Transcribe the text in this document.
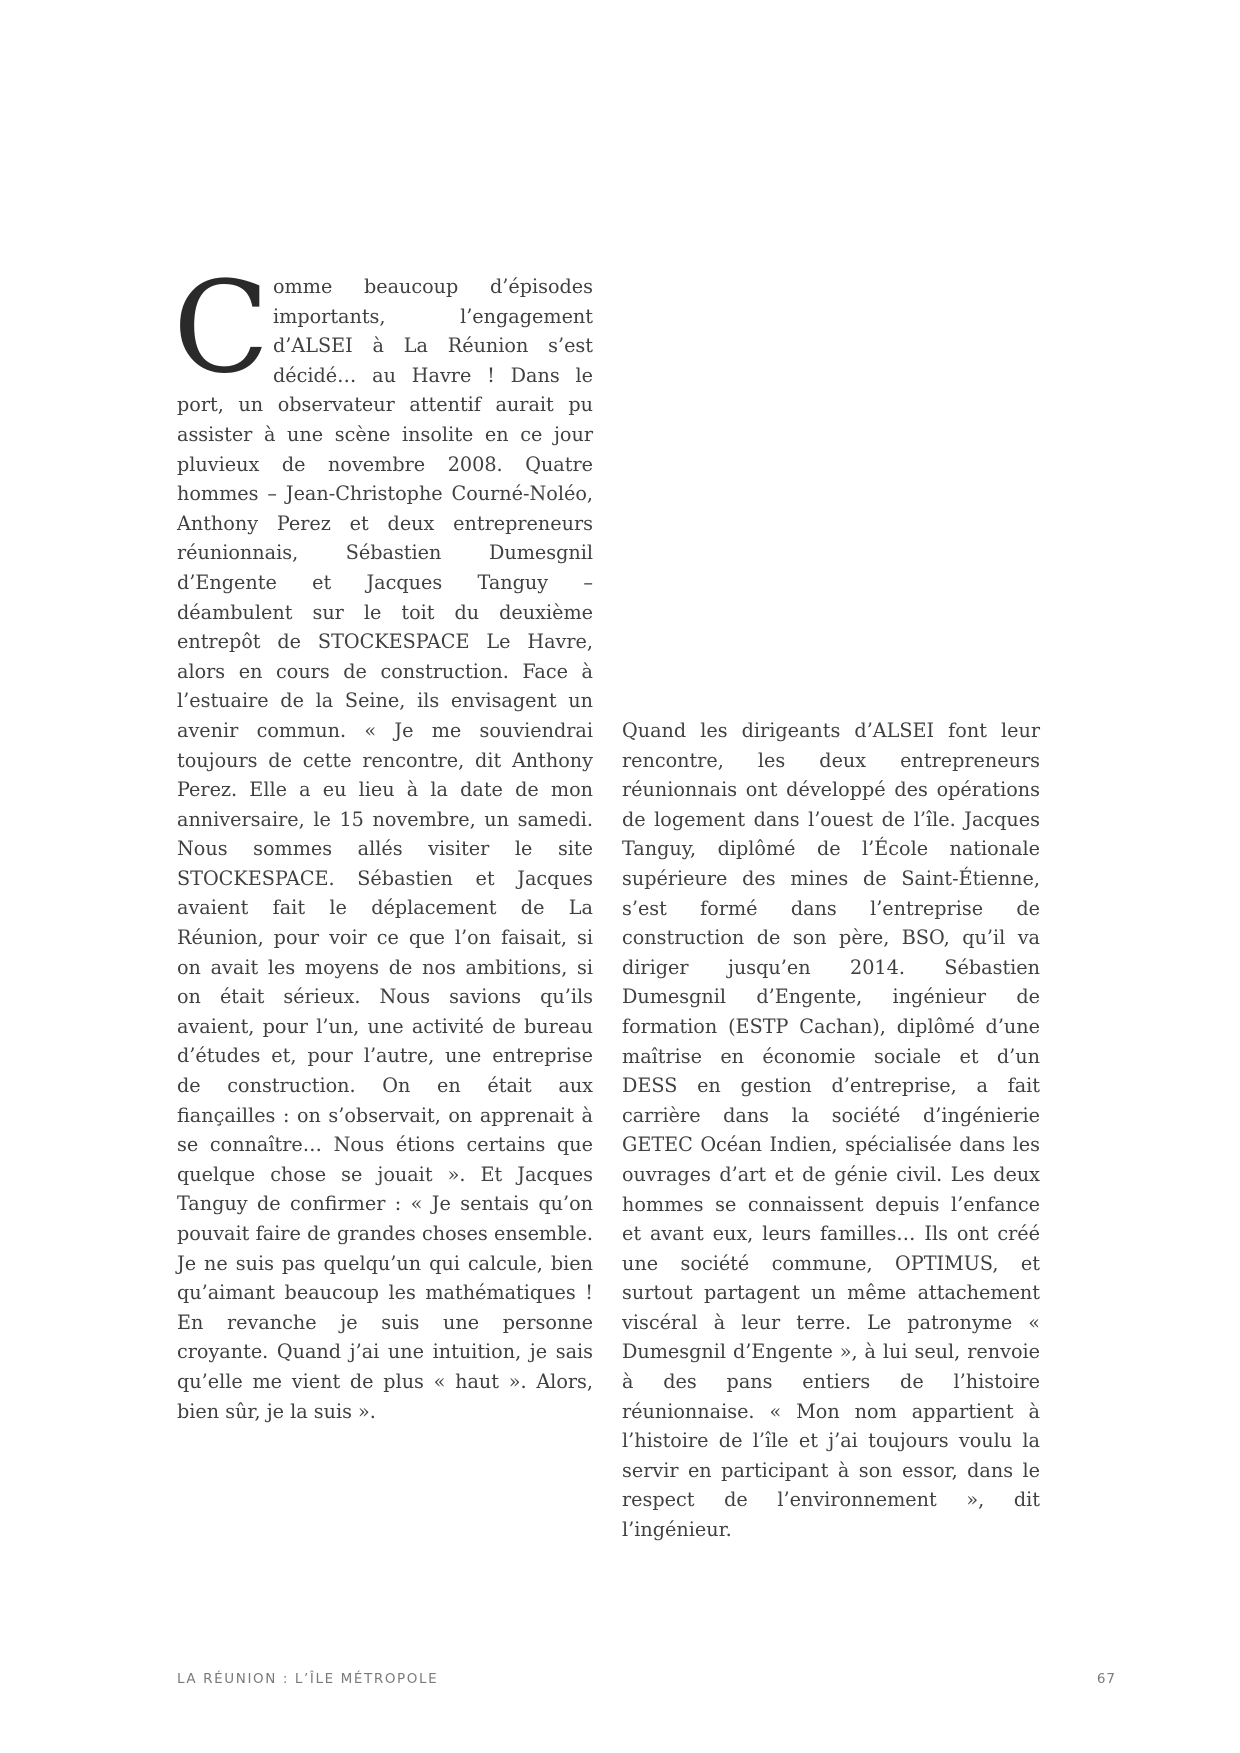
C omme beaucoup d’épisodes importants, l’engagement d’ALSEI à La Réunion s’est décidé… au Havre ! Dans le port, un observateur attentif aurait pu assister à une scène insolite en ce jour pluvieux de novembre 2008. Quatre hommes – Jean-Christophe Courné-Noléo, Anthony Perez et deux entrepreneurs réunionnais, Sébastien Dumesgnil d’Engente et Jacques Tanguy – déambulent sur le toit du deuxième entrepôt de STOCKESPACE Le Havre, alors en cours de construction. Face à l’estuaire de la Seine, ils envisagent un avenir commun. « Je me souviendrai toujours de cette rencontre, dit Anthony Perez. Elle a eu lieu à la date de mon anniversaire, le 15 novembre, un samedi. Nous sommes allés visiter le site STOCKESPACE. Sébastien et Jacques avaient fait le déplacement de La Réunion, pour voir ce que l’on faisait, si on avait les moyens de nos ambitions, si on était sérieux. Nous savions qu’ils avaient, pour l’un, une activité de bureau d’études et, pour l’autre, une entreprise de construction. On en était aux fiançailles : on s’observait, on apprenait à se connaître… Nous étions certains que quelque chose se jouait ». Et Jacques Tanguy de confirmer : « Je sentais qu’on pouvait faire de grandes choses ensemble. Je ne suis pas quelqu’un qui calcule, bien qu’aimant beaucoup les mathématiques ! En revanche je suis une personne croyante. Quand j’ai une intuition, je sais qu’elle me vient de plus « haut ». Alors, bien sûr, je la suis ».

Quand les dirigeants d’ALSEI font leur rencontre, les deux entrepreneurs réunionnais ont développé des opérations de logement dans l’ouest de l’île. Jacques Tanguy, diplômé de l’École nationale supérieure des mines de Saint-Étienne, s’est formé dans l’entreprise de construction de son père, BSO, qu’il va diriger jusqu’en 2014. Sébastien Dumesgnil d’Engente, ingénieur de formation (ESTP Cachan), diplômé d’une maîtrise en économie sociale et d’un DESS en gestion d’entreprise, a fait carrière dans la société d’ingénierie GETEC Océan Indien, spécialisée dans les ouvrages d’art et de génie civil. Les deux hommes se connaissent depuis l’enfance et avant eux, leurs familles… Ils ont créé une société commune, OPTIMUS, et surtout partagent un même attachement viscéral à leur terre. Le patronyme « Dumesgnil d’Engente », à lui seul, renvoie à des pans entiers de l’histoire réunionnaise. « Mon nom appartient à l’histoire de l’île et j’ai toujours voulu la servir en participant à son essor, dans le respect de l’environnement », dit l’ingénieur.

LA RÉUNION : L’ÎLE MÉTROPOLE	67
